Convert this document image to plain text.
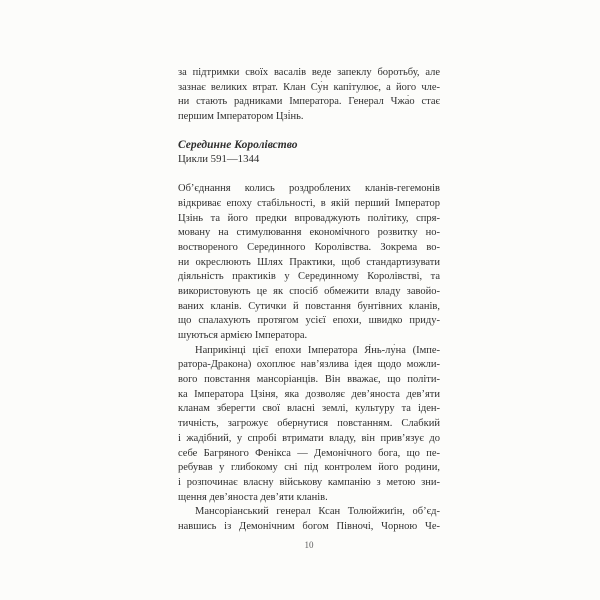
за підтримки своїх васалів веде запеклу боротьбу, але
зазнає великих втрат. Клан Су̀н капітулює, а його чле-
ни стають радниками Імператора. Генерал Чжа̀о стає
першим Імператором Цзі̀нь.
Серединне Королівство
Цикли 591—1344
Об’єднання колись роздроблених кланів-гегемонів
відкриває епоху стабільності, в якій перший Імператор
Цзінь та його предки впроваджують політику, спря-
мовану на стимулювання економічного розвитку но-
воствореного Серединного Королівства. Зокрема во-
ни окреслюють Шлях Практики, щоб стандартизувати
діяльність практиків у Серединному Королівстві, та
використовують це як спосіб обмежити владу завойо-
ваних кланів. Сутички й повстання бунтівних кланів,
що спалахують протягом усієї епохи, швидко приду-
шуються армією Імператора.
Наприкінці цієї епохи Імператора Я̀нь-лу̀на (Імпе-
ратора-Дракона) охоплює нав’язлива ідея щодо можли-
вого повстання мансоріанців. Він вважає, що політи-
ка Імператора Цзіня, яка дозволяє дев’яноста дев’яти
кланам зберегти свої власні землі, культуру та іден-
тичність, загрожує обернутися повстанням. Слабкий
і жадібний, у спробі втримати владу, він прив’язує до
себе Багряного Фенікса — Демонічного бога, що пе-
ребував у глибокому сні під контролем його родини,
і розпочинає власну військову кампанію з метою зни-
щення дев’яноста дев’яти кланів.
Мансоріанський генерал Ксан Толюйжиґін, об’єд-
навшись із Демонічним богом Півночі, Чорною Че-
10
